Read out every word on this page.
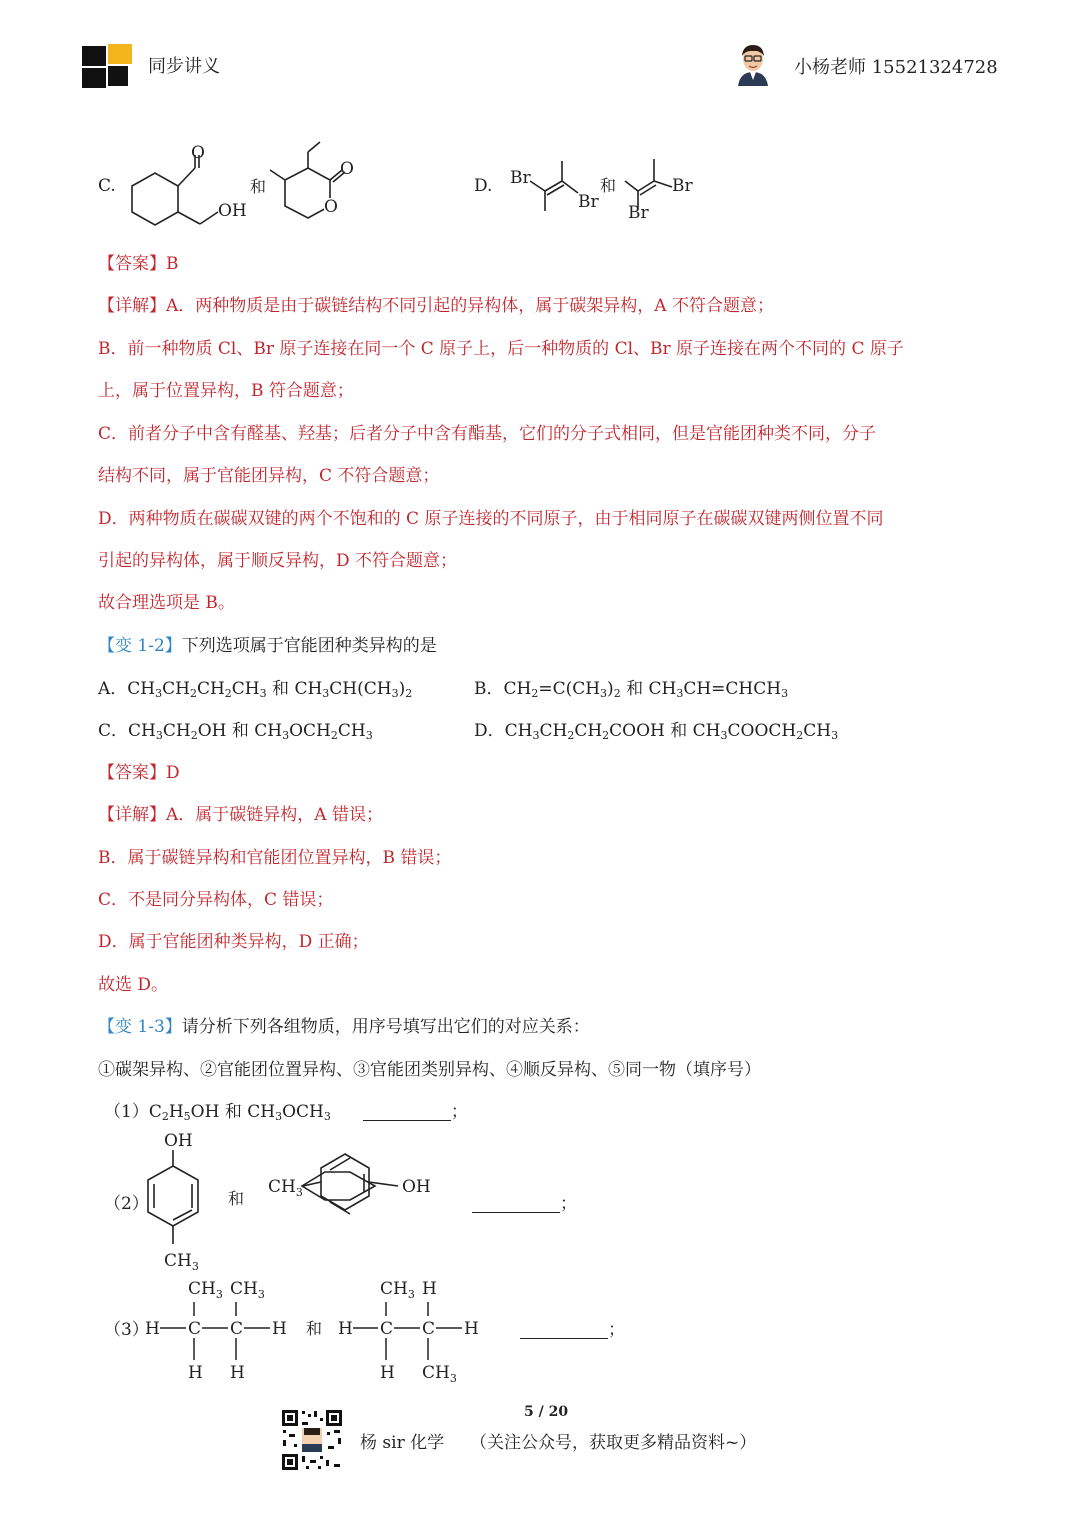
同步讲义	小杨老师 15521324728
C.
O
OH
和
O
O
D. Br
Br
和	Br
Br
【答案】B
【详解】A．两种物质是由于碳链结构不同引起的异构体，属于碳架异构，A 不符合题意；
B．前一种物质 Cl、Br 原子连接在同一个 C 原子上，后一种物质的 Cl、Br 原子连接在两个不同的 C 原子
上，属于位置异构，B 符合题意；
C．前者分子中含有醛基、羟基；后者分子中含有酯基，它们的分子式相同，但是官能团种类不同，分子
结构不同，属于官能团异构，C 不符合题意；
D．两种物质在碳碳双键的两个不饱和的 C 原子连接的不同原子，由于相同原子在碳碳双键两侧位置不同
引起的异构体，属于顺反异构，D 不符合题意；
故合理选项是 B。
【变 1-2】下列选项属于官能团种类异构的是
A．$CH_3CH_2CH_2CH_3$ 和 $CH_3CH(CH_3)_2$	B．$CH_2=C(CH_3)_2$ 和 $CH_3CH=CHCH_3$
C．$CH_3CH_2OH$ 和 $CH_3OCH_2CH_3$	D．$CH_3CH_2CH_2COOH$ 和 $CH_3COOCH_2CH_3$
【答案】D
【详解】A．属于碳链异构，A 错误；
B．属于碳链异构和官能团位置异构，B 错误；
C．不是同分异构体，C 错误；
D．属于官能团种类异构，D 正确；
故选 D。
【变 1-3】请分析下列各组物质，用序号填写出它们的对应关系：
①碳架异构、②官能团位置异构、③官能团类别异构、④顺反异构、⑤同一物（填序号）
$(1)C_2H_5OH$ 和 $CH_3OCH_3$	；
（2）
OH
$CH_3$
和
$CH_3$	OH
；
（3）
H C C H
$CH_3$ $CH_3$
H H
和 H C C H
$CH_3$ H
H $CH_3$
；
5 / 20
杨 sir 化学 （关注公众号，获取更多精品资料~）
